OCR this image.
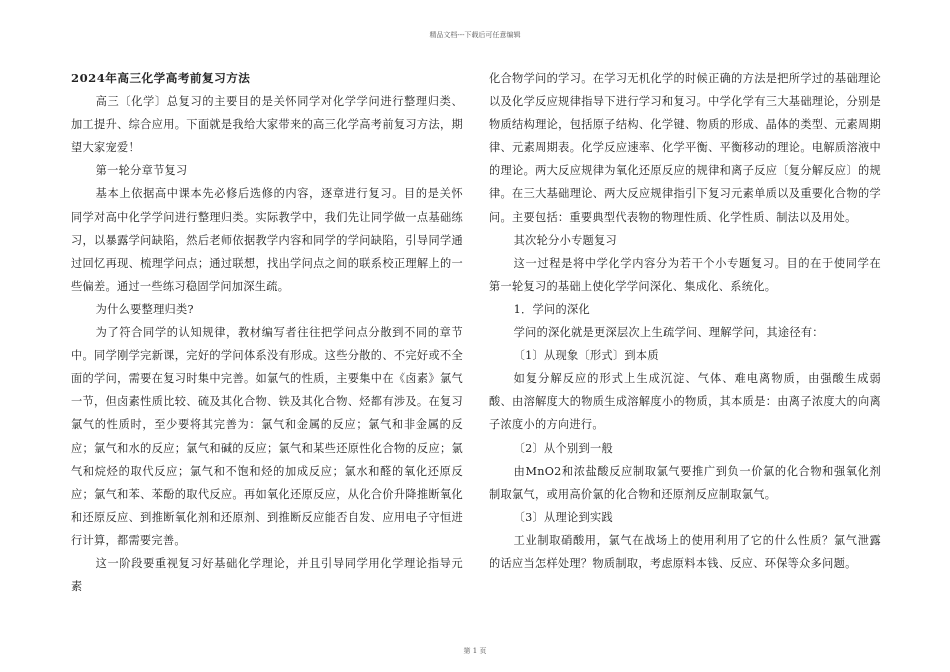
精品文档---下载后可任意编辑

2024年高三化学高考前复习方法

高三〔化学〕总复习的主要目的是关怀同学对化学学问进行整理归类、加工提升、综合应用。下面就是我给大家带来的高三化学高考前复习方法，期望大家宠爱！

第一轮分章节复习

基本上依据高中课本先必修后选修的内容，逐章进行复习。目的是关怀同学对高中化学学问进行整理归类。实际教学中，我们先让同学做一点基础练习，以暴露学问缺陷，然后老师依据教学内容和同学的学问缺陷，引导同学通过回忆再现、梳理学问点；通过联想，找出学问点之间的联系校正理解上的一些偏差。通过一些练习稳固学问加深生疏。

为什么要整理归类?

为了符合同学的认知规律，教材编写者往往把学问点分散到不同的章节中。同学刚学完新课，完好的学问体系没有形成。这些分散的、不完好或不全面的学问，需要在复习时集中完善。如氯气的性质，主要集中在《卤素》氯气一节，但卤素性质比较、硫及其化合物、铁及其化合物、烃都有涉及。在复习氯气的性质时，至少要将其完善为：氯气和金属的反应；氯气和非金属的反应；氯气和水的反应；氯气和碱的反应；氯气和某些还原性化合物的反应；氯气和烷烃的取代反应；氯气和不饱和烃的加成反应；氯水和醛的氧化还原反应；氯气和苯、苯酚的取代反应。再如氧化还原反应，从化合价升降推断氧化和还原反应、到推断氧化剂和还原剂、到推断反应能否自发、应用电子守恒进行计算，都需要完善。

这一阶段要重视复习好基础化学理论，并且引导同学用化学理论指导元素

化合物学问的学习。在学习无机化学的时候正确的方法是把所学过的基础理论以及化学反应规律指导下进行学习和复习。中学化学有三大基础理论，分别是物质结构理论，包括原子结构、化学键、物质的形成、晶体的类型、元素周期律、元素周期表。化学反应速率、化学平衡、平衡移动的理论。电解质溶液中的理论。两大反应规律为氧化还原反应的规律和离子反应〔复分解反应〕的规律。在三大基础理论、两大反应规律指引下复习元素单质以及重要化合物的学问。主要包括：重要典型代表物的物理性质、化学性质、制法以及用处。

其次轮分小专题复习

这一过程是将中学化学内容分为若干个小专题复习。目的在于使同学在第一轮复习的基础上使化学学问深化、集成化、系统化。

1．学问的深化

学问的深化就是更深层次上生疏学问、理解学问，其途径有：

〔1〕从现象〔形式〕到本质

如复分解反应的形式上生成沉淀、气体、难电离物质，由强酸生成弱酸、由溶解度大的物质生成溶解度小的物质，其本质是：由离子浓度大的向离子浓度小的方向进行。

〔2〕从个别到一般

由MnO2和浓盐酸反应制取氯气要推广到负一价氯的化合物和强氧化剂制取氯气，或用高价氯的化合物和还原剂反应制取氯气。

〔3〕从理论到实践

工业制取硝酸用，氯气在战场上的使用利用了它的什么性质？氯气泄露的话应当怎样处理？物质制取，考虑原料本钱、反应、环保等众多问题。

第 1 页
